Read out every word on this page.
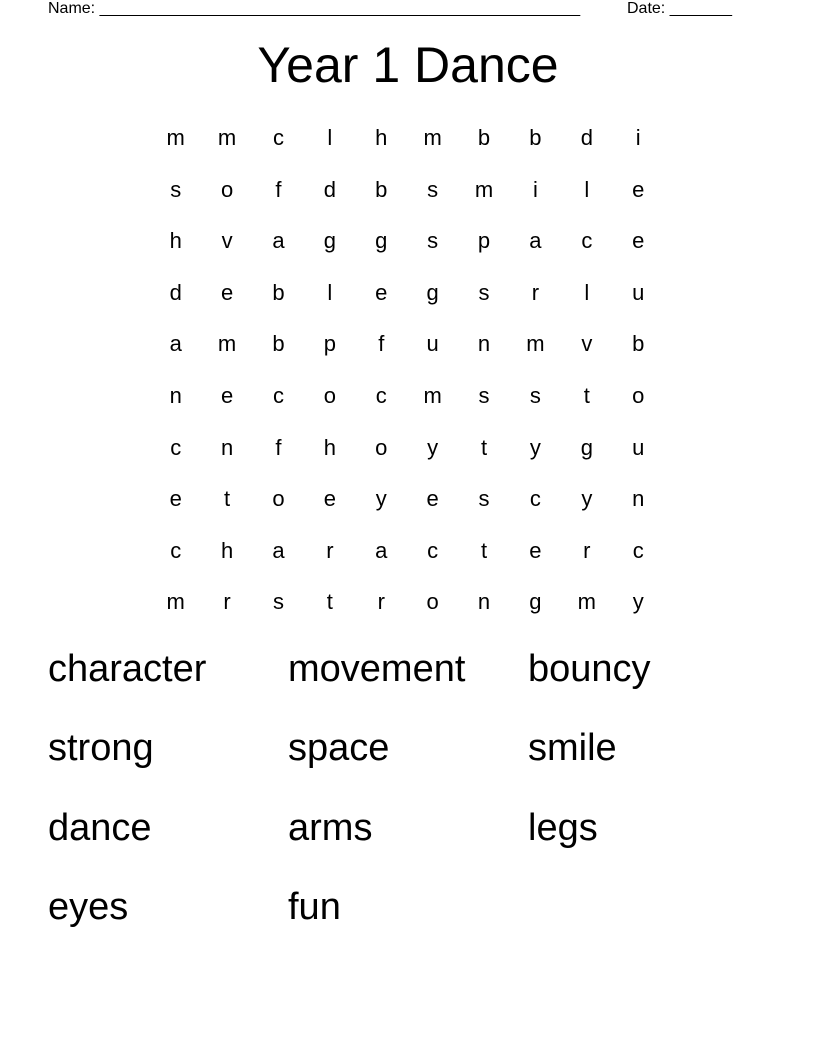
Name: ______________________________________________________	Date: _______
Year 1 Dance
m	m	c	l	h	m	b	b	d	i
s	o	f	d	b	s	m	i	l	e
h	v	a	g	g	s	p	a	c	e
d	e	b	l	e	g	s	r	l	u
a	m	b	p	f	u	n	m	v	b
n	e	c	o	c	m	s	s	t	o
c	n	f	h	o	y	t	y	g	u
e	t	o	e	y	e	s	c	y	n
c	h	a	r	a	c	t	e	r	c
m	r	s	t	r	o	n	g	m	y
character	movement	bouncy
strong	space	smile
dance	arms	legs
eyes	fun
